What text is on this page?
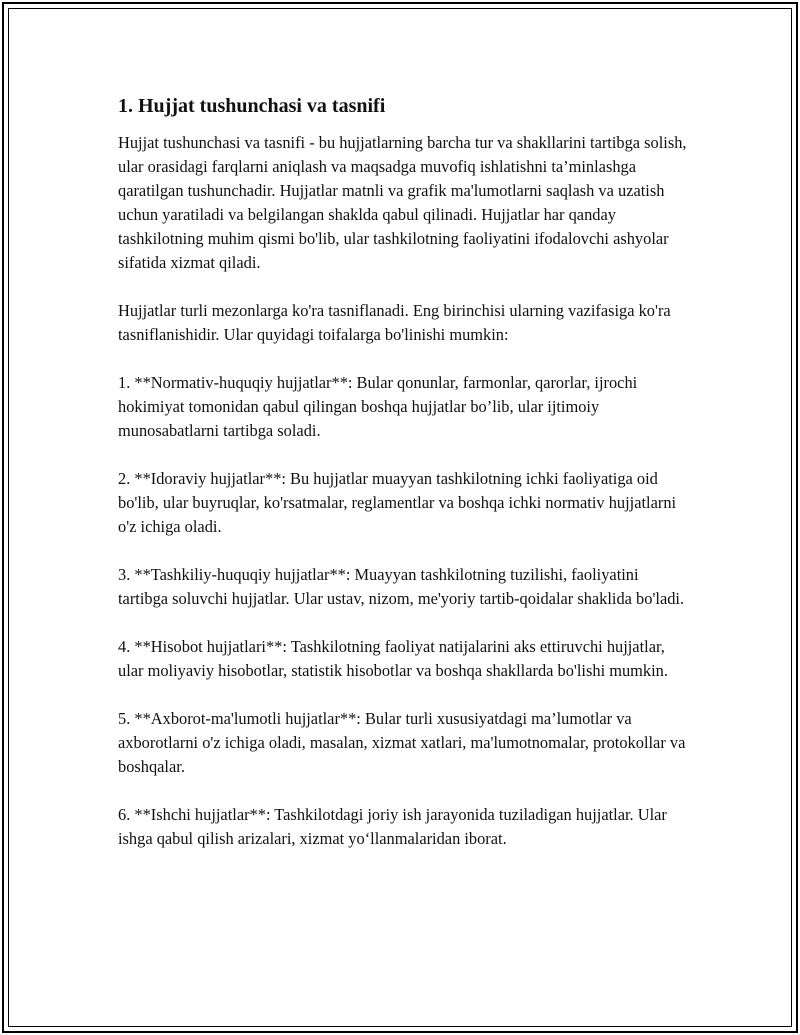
1. Hujjat tushunchasi va tasnifi

Hujjat tushunchasi va tasnifi - bu hujjatlarning barcha tur va shakllarini tartibga solish, ular orasidagi farqlarni aniqlash va maqsadga muvofiq ishlatishni ta’minlashga qaratilgan tushunchadir. Hujjatlar matnli va grafik ma'lumotlarni saqlash va uzatish uchun yaratiladi va belgilangan shaklda qabul qilinadi. Hujjatlar har qanday tashkilotning muhim qismi bo'lib, ular tashkilotning faoliyatini ifodalovchi ashyolar sifatida xizmat qiladi.

Hujjatlar turli mezonlarga ko'ra tasniflanadi. Eng birinchisi ularning vazifasiga ko'ra tasniflanishidir. Ular quyidagi toifalarga bo'linishi mumkin:

1. **Normativ-huquqiy hujjatlar**: Bular qonunlar, farmonlar, qarorlar, ijrochi hokimiyat tomonidan qabul qilingan boshqa hujjatlar bo’lib, ular ijtimoiy munosabatlarni tartibga soladi.

2. **Idoraviy hujjatlar**: Bu hujjatlar muayyan tashkilotning ichki faoliyatiga oid bo'lib, ular buyruqlar, ko'rsatmalar, reglamentlar va boshqa ichki normativ hujjatlarni o'z ichiga oladi.

3. **Tashkiliy-huquqiy hujjatlar**: Muayyan tashkilotning tuzilishi, faoliyatini tartibga soluvchi hujjatlar. Ular ustav, nizom, me'yoriy tartib-qoidalar shaklida bo'ladi.

4. **Hisobot hujjatlari**: Tashkilotning faoliyat natijalarini aks ettiruvchi hujjatlar, ular moliyaviy hisobotlar, statistik hisobotlar va boshqa shakllarda bo'lishi mumkin.

5. **Axborot-ma'lumotli hujjatlar**: Bular turli xususiyatdagi ma’lumotlar va axborotlarni o'z ichiga oladi, masalan, xizmat xatlari, ma'lumotnomalar, protokollar va boshqalar.

6. **Ishchi hujjatlar**: Tashkilotdagi joriy ish jarayonida tuziladigan hujjatlar. Ular ishga qabul qilish arizalari, xizmat yo‘llanmalaridan iborat.
